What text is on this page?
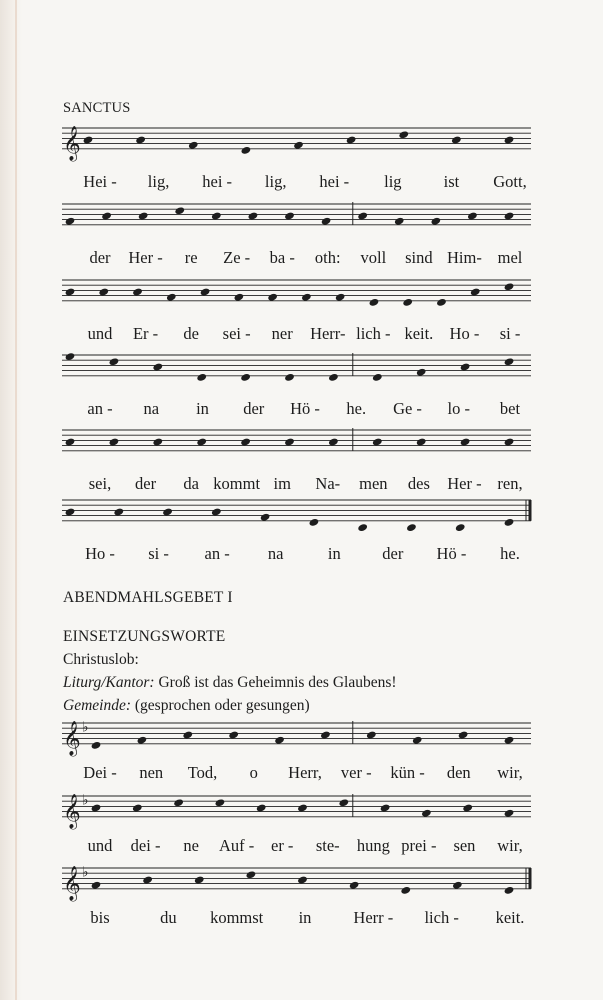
SANCTUS
𝄞
Hei - lig, hei - lig, hei - lig	ist Gott,
der Her - re Ze - ba - oth: voll sind Him- mel
und Er - de sei - ner Herr- lich - keit. Ho - si -
an - na in der Hö - he. Ge - lo - bet
sei, der da kommt im Na- men des Her - ren,
Ho - si - an - na	in	der Hö - he.
ABENDMAHLSGEBET I
EINSETZUNGSWORTE
Christuslob:
Liturg/Kantor: Groß ist das Geheimnis des Glaubens!
Gemeinde: (gesprochen oder gesungen)
𝄞 ♭
Dei - nen Tod, o Herr, ver - kün - den wir,
𝄞 ♭
und dei - ne Auf - er - ste- hung prei - sen wir,
𝄞 ♭
bis	du kommst in	Herr - lich - keit.
